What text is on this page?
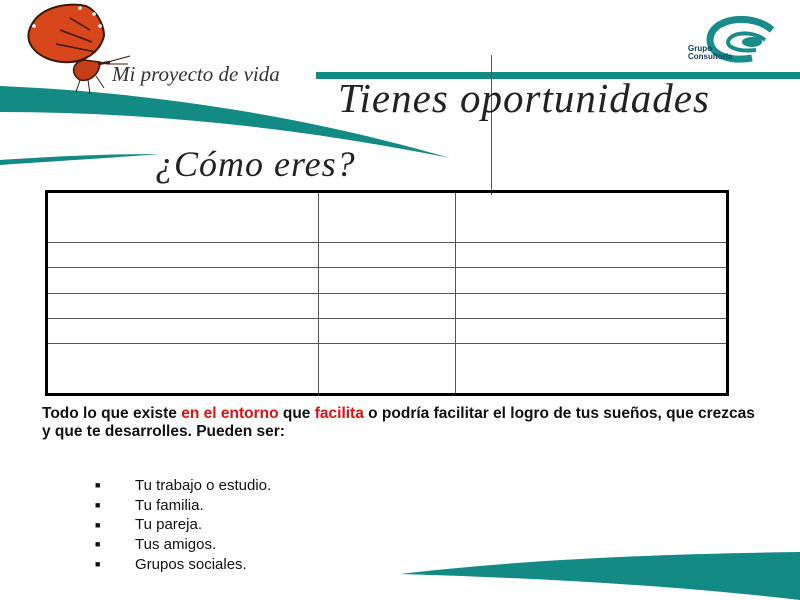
Mi proyecto de vida
Grupo
Consultoría
Tienes oportunidades
¿Cómo eres?

Todo lo que existe en el entorno que facilita o podría facilitar el logro de tus sueños, que crezcas y que te desarrolles. Pueden ser:
■ Tu trabajo o estudio.
■ Tu familia.
■ Tu pareja.
■ Tus amigos.
■ Grupos sociales.
